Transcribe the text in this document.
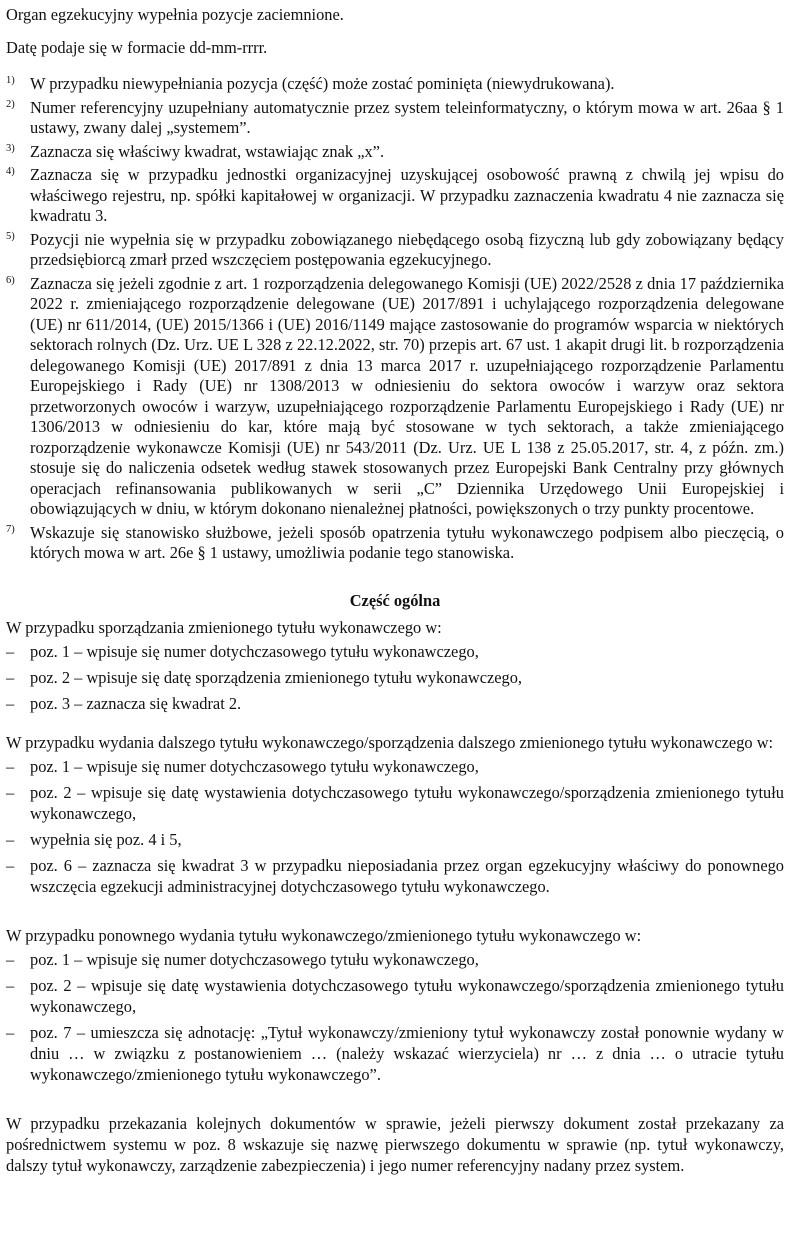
Organ egzekucyjny wypełnia pozycje zaciemnione.

Datę podaje się w formacie dd-mm-rrrr.

1) W przypadku niewypełniania pozycja (część) może zostać pominięta (niewydrukowana).
2) Numer referencyjny uzupełniany automatycznie przez system teleinformatyczny, o którym mowa w art. 26aa § 1 ustawy, zwany dalej „systemem”.
3) Zaznacza się właściwy kwadrat, wstawiając znak „x”.
4) Zaznacza się w przypadku jednostki organizacyjnej uzyskującej osobowość prawną z chwilą jej wpisu do właściwego rejestru, np. spółki kapitałowej w organizacji. W przypadku zaznaczenia kwadratu 4 nie zaznacza się kwadratu 3.
5) Pozycji nie wypełnia się w przypadku zobowiązanego niebędącego osobą fizyczną lub gdy zobowiązany będący przedsiębiorcą zmarł przed wszczęciem postępowania egzekucyjnego.
6) Zaznacza się jeżeli zgodnie z art. 1 rozporządzenia delegowanego Komisji (UE) 2022/2528 z dnia 17 października 2022 r. zmieniającego rozporządzenie delegowane (UE) 2017/891 i uchylającego rozporządzenia delegowane (UE) nr 611/2014, (UE) 2015/1366 i (UE) 2016/1149 mające zastosowanie do programów wsparcia w niektórych sektorach rolnych (Dz. Urz. UE L 328 z 22.12.2022, str. 70) przepis art. 67 ust. 1 akapit drugi lit. b rozporządzenia delegowanego Komisji (UE) 2017/891 z dnia 13 marca 2017 r. uzupełniającego rozporządzenie Parlamentu Europejskiego i Rady (UE) nr 1308/2013 w odniesieniu do sektora owoców i warzyw oraz sektora przetworzonych owoców i warzyw, uzupełniającego rozporządzenie Parlamentu Europejskiego i Rady (UE) nr 1306/2013 w odniesieniu do kar, które mają być stosowane w tych sektorach, a także zmieniającego rozporządzenie wykonawcze Komisji (UE) nr 543/2011 (Dz. Urz. UE L 138 z 25.05.2017, str. 4, z późn. zm.) stosuje się do naliczenia odsetek według stawek stosowanych przez Europejski Bank Centralny przy głównych operacjach refinansowania publikowanych w serii „C” Dziennika Urzędowego Unii Europejskiej i obowiązujących w dniu, w którym dokonano nienależnej płatności, powiększonych o trzy punkty procentowe.
7) Wskazuje się stanowisko służbowe, jeżeli sposób opatrzenia tytułu wykonawczego podpisem albo pieczęcią, o których mowa w art. 26e § 1 ustawy, umożliwia podanie tego stanowiska.
Część ogólna

W przypadku sporządzania zmienionego tytułu wykonawczego w:

– poz. 1 – wpisuje się numer dotychczasowego tytułu wykonawczego,
– poz. 2 – wpisuje się datę sporządzenia zmienionego tytułu wykonawczego,
– poz. 3 – zaznacza się kwadrat 2.

W przypadku wydania dalszego tytułu wykonawczego/sporządzenia dalszego zmienionego tytułu wykonawczego w:

– poz. 1 – wpisuje się numer dotychczasowego tytułu wykonawczego,
– poz. 2 – wpisuje się datę wystawienia dotychczasowego tytułu wykonawczego/sporządzenia zmienionego tytułu wykonawczego,
– wypełnia się poz. 4 i 5,
– poz. 6 – zaznacza się kwadrat 3 w przypadku nieposiadania przez organ egzekucyjny właściwy do ponownego wszczęcia egzekucji administracyjnej dotychczasowego tytułu wykonawczego.

W przypadku ponownego wydania tytułu wykonawczego/zmienionego tytułu wykonawczego w:

– poz. 1 – wpisuje się numer dotychczasowego tytułu wykonawczego,
– poz. 2 – wpisuje się datę wystawienia dotychczasowego tytułu wykonawczego/sporządzenia zmienionego tytułu wykonawczego,
– poz. 7 – umieszcza się adnotację: „Tytuł wykonawczy/zmieniony tytuł wykonawczy został ponownie wydany w dniu … w związku z postanowieniem … (należy wskazać wierzyciela) nr … z dnia … o utracie tytułu wykonawczego/zmienionego tytułu wykonawczego”.

W przypadku przekazania kolejnych dokumentów w sprawie, jeżeli pierwszy dokument został przekazany za pośrednictwem systemu w poz. 8 wskazuje się nazwę pierwszego dokumentu w sprawie (np. tytuł wykonawczy, dalszy tytuł wykonawczy, zarządzenie zabezpieczenia) i jego numer referencyjny nadany przez system.
